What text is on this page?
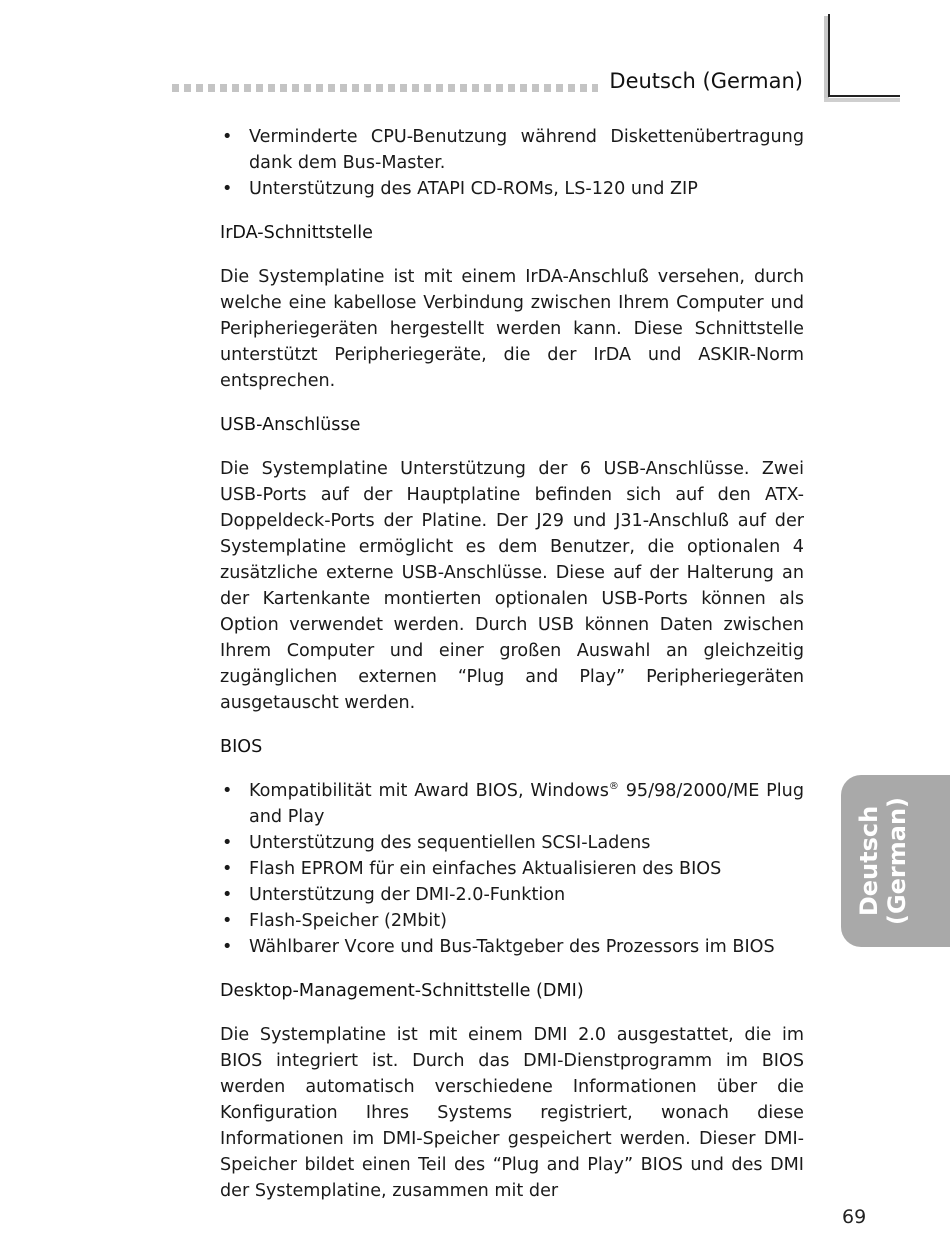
Deutsch (German)
• Verminderte CPU-Benutzung während Diskettenübertragung dank dem Bus-Master.
• Unterstützung des ATAPI CD-ROMs, LS-120 und ZIP
IrDA-Schnittstelle

Die Systemplatine ist mit einem IrDA-Anschluß versehen, durch welche eine kabellose Verbindung zwischen Ihrem Computer und Peripheriegeräten hergestellt werden kann. Diese Schnittstelle unterstützt Peripheriegeräte, die der IrDA und ASKIR-Norm entsprechen.

USB-Anschlüsse

Die Systemplatine Unterstützung der 6 USB-Anschlüsse. Zwei USB-Ports auf der Hauptplatine befinden sich auf den ATX-Doppeldeck-Ports der Platine. Der J29 und J31-Anschluß auf der Systemplatine ermöglicht es dem Benutzer, die optionalen 4 zusätzliche externe USB-Anschlüsse. Diese auf der Halterung an der Kartenkante montierten optionalen USB-Ports können als Option verwendet werden. Durch USB können Daten zwischen Ihrem Computer und einer großen Auswahl an gleichzeitig zugänglichen externen “Plug and Play” Peripheriegeräten ausgetauscht werden.

BIOS
• Kompatibilität mit Award BIOS, Windows® 95/98/2000/ME Plug and Play
• Unterstützung des sequentiellen SCSI-Ladens
• Flash EPROM für ein einfaches Aktualisieren des BIOS
• Unterstützung der DMI-2.0-Funktion
• Flash-Speicher (2Mbit)
• Wählbarer Vcore und Bus-Taktgeber des Prozessors im BIOS
Desktop-Management-Schnittstelle (DMI)

Die Systemplatine ist mit einem DMI 2.0 ausgestattet, die im BIOS integriert ist. Durch das DMI-Dienstprogramm im BIOS werden automatisch verschiedene Informationen über die Konfiguration Ihres Systems registriert, wonach diese Informationen im DMI-Speicher gespeichert werden. Dieser DMI-Speicher bildet einen Teil des “Plug and Play” BIOS und des DMI der Systemplatine, zusammen mit der

Deutsch (German)
69
